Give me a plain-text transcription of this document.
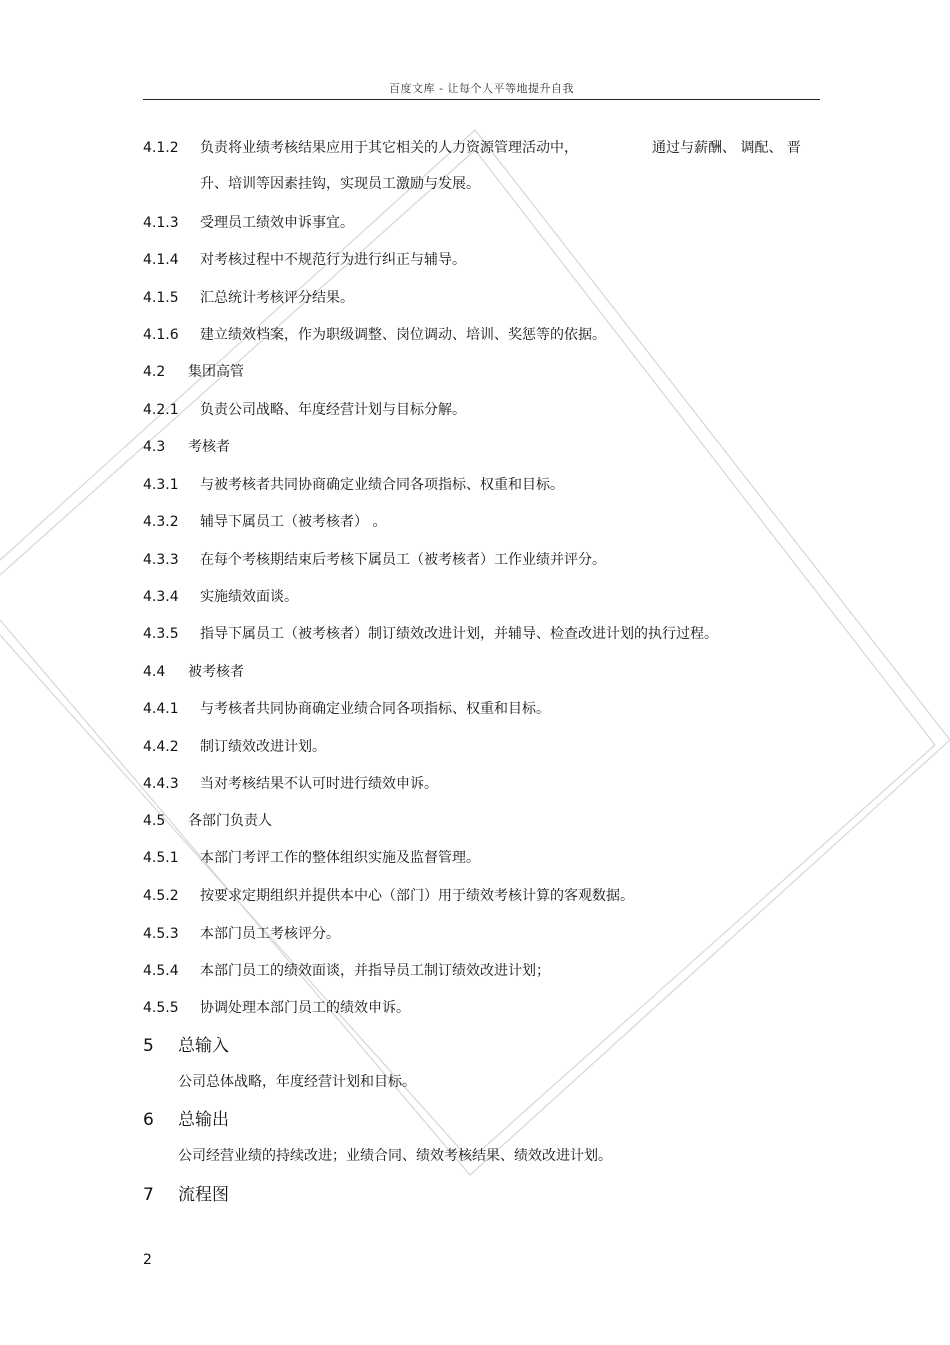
百度文库 - 让每个人平等地提升自我
4.1.2 负责将业绩考核结果应用于其它相关的人力资源管理活动中，	通过与薪酬、 调配、 晋
升、培训等因素挂钩，实现员工激励与发展。
4.1.3 受理员工绩效申诉事宜。
4.1.4 对考核过程中不规范行为进行纠正与辅导。
4.1.5 汇总统计考核评分结果。
4.1.6 建立绩效档案，作为职级调整、岗位调动、培训、奖惩等的依据。
4.2 集团高管
4.2.1 负责公司战略、年度经营计划与目标分解。
4.3 考核者
4.3.1 与被考核者共同协商确定业绩合同各项指标、权重和目标。
4.3.2 辅导下属员工（被考核者） 。
4.3.3 在每个考核期结束后考核下属员工（被考核者）工作业绩并评分。
4.3.4 实施绩效面谈。
4.3.5 指导下属员工（被考核者）制订绩效改进计划，并辅导、检查改进计划的执行过程。
4.4 被考核者
4.4.1 与考核者共同协商确定业绩合同各项指标、权重和目标。
4.4.2 制订绩效改进计划。
4.4.3 当对考核结果不认可时进行绩效申诉。
4.5 各部门负责人
4.5.1 本部门考评工作的整体组织实施及监督管理。
4.5.2 按要求定期组织并提供本中心（部门）用于绩效考核计算的客观数据。
4.5.3 本部门员工考核评分。
4.5.4 本部门员工的绩效面谈，并指导员工制订绩效改进计划；
4.5.5 协调处理本部门员工的绩效申诉。
5 总输入
公司总体战略，年度经营计划和目标。
6 总输出
公司经营业绩的持续改进；业绩合同、绩效考核结果、绩效改进计划。
7 流程图
2
